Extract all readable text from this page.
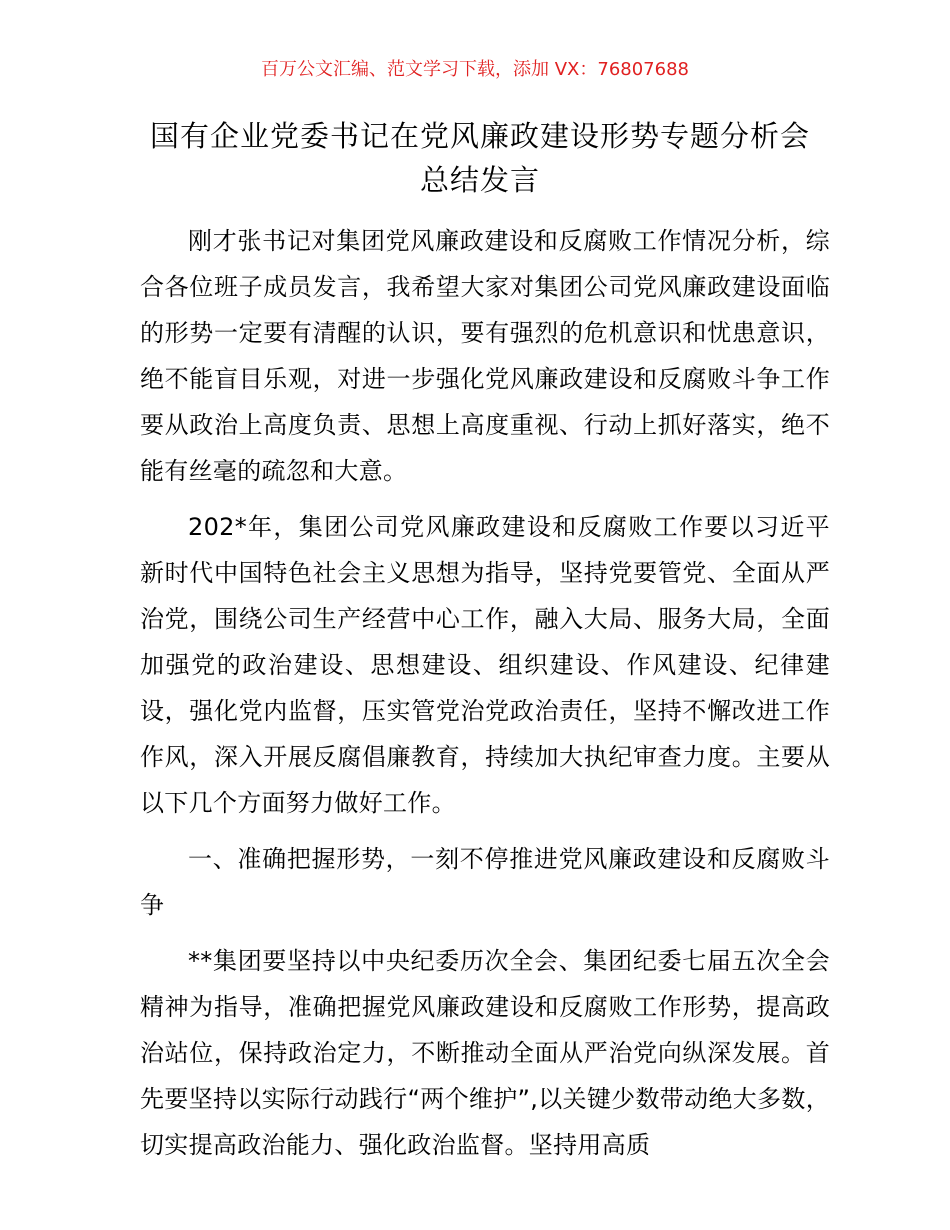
百万公文汇编、范文学习下载，添加 VX：76807688
国有企业党委书记在党风廉政建设形势专题分析会总结发言

刚才张书记对集团党风廉政建设和反腐败工作情况分析，综合各位班子成员发言，我希望大家对集团公司党风廉政建设面临的形势一定要有清醒的认识，要有强烈的危机意识和忧患意识，绝不能盲目乐观，对进一步强化党风廉政建设和反腐败斗争工作要从政治上高度负责、思想上高度重视、行动上抓好落实，绝不能有丝毫的疏忽和大意。

202*年，集团公司党风廉政建设和反腐败工作要以习近平新时代中国特色社会主义思想为指导，坚持党要管党、全面从严治党，围绕公司生产经营中心工作，融入大局、服务大局，全面加强党的政治建设、思想建设、组织建设、作风建设、纪律建设，强化党内监督，压实管党治党政治责任，坚持不懈改进工作作风，深入开展反腐倡廉教育，持续加大执纪审查力度。主要从以下几个方面努力做好工作。

一、准确把握形势，一刻不停推进党风廉政建设和反腐败斗争

**集团要坚持以中央纪委历次全会、集团纪委七届五次全会精神为指导，准确把握党风廉政建设和反腐败工作形势，提高政治站位，保持政治定力，不断推动全面从严治党向纵深发展。首先要坚持以实际行动践行“两个维护”,以关键少数带动绝大多数，切实提高政治能力、强化政治监督。坚持用高质
